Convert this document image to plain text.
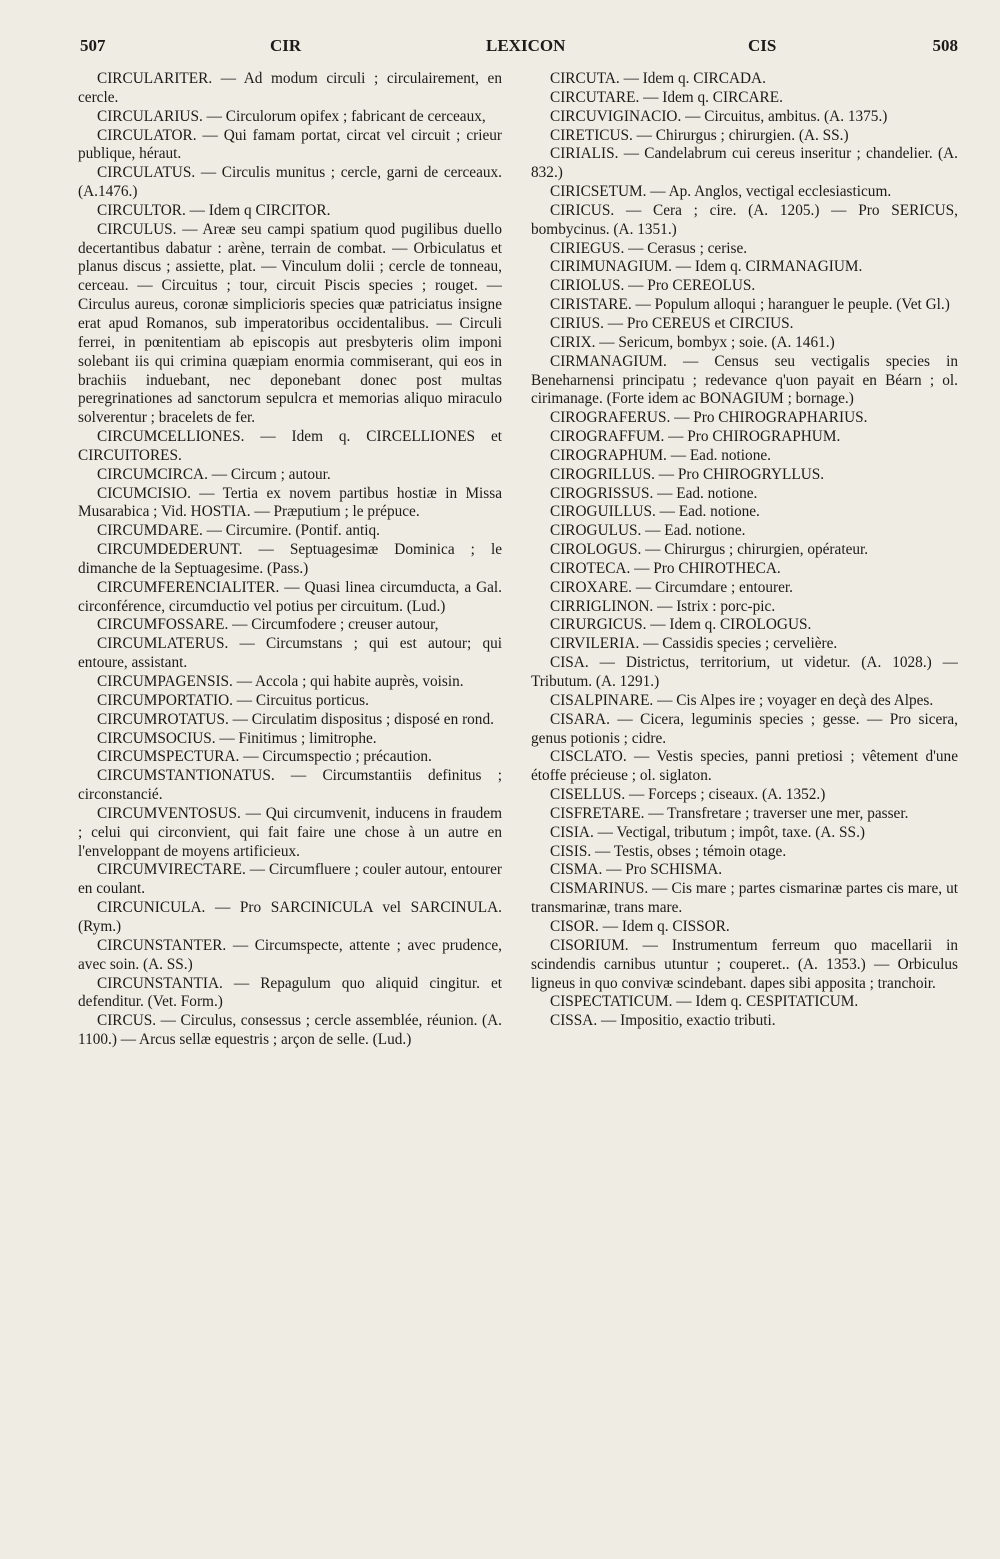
507	CIR	LEXICON	CIS	508

CIRCULARITER. — Ad modum circuli ; circulairement, en cercle.

CIRCULARIUS. — Circulorum opifex ; fabricant de cerceaux,

CIRCULATOR. — Qui famam portat, circat vel circuit ; crieur publique, héraut.

CIRCULATUS. — Circulis munitus ; cercle, garni de cerceaux. (A.1476.)

CIRCULTOR. — Idem q CIRCITOR.

CIRCULUS. — Areæ seu campi spatium quod pugilibus duello decertantibus dabatur : arène, terrain de combat. — Orbiculatus et planus discus ; assiette, plat. — Vinculum dolii ; cercle de tonneau, cerceau. — Circuitus ; tour, circuit Piscis species ; rouget. — Circulus aureus, coronæ simplicioris species quæ patriciatus insigne erat apud Romanos, sub imperatoribus occidentalibus. — Circuli ferrei, in pœnitentiam ab episcopis aut presbyteris olim imponi solebant iis qui crimina quæpiam enormia commiserant, qui eos in brachiis induebant, nec deponebant donec post multas peregrinationes ad sanctorum sepulcra et memorias aliquo miraculo solverentur ; bracelets de fer.

CIRCUMCELLIONES. — Idem q. CIRCELLIONES et CIRCUITORES.

CIRCUMCIRCA. — Circum ; autour.

CICUMCISIO. — Tertia ex novem partibus hostiæ in Missa Musarabica ; Vid. HOSTIA. — Præputium ; le prépuce.

CIRCUMDARE. — Circumire. (Pontif. antiq.

CIRCUMDEDERUNT. — Septuagesimæ Dominica ; le dimanche de la Septuagesime. (Pass.)

CIRCUMFERENCIALITER. — Quasi linea circumducta, a Gal. circonférence, circumductio vel potius per circuitum. (Lud.)

CIRCUMFOSSARE. — Circumfodere ; creuser autour,

CIRCUMLATERUS. — Circumstans ; qui est autour; qui entoure, assistant.

CIRCUMPAGENSIS. — Accola ; qui habite auprès, voisin.

CIRCUMPORTATIO. — Circuitus porticus.

CIRCUMROTATUS. — Circulatim dispositus ; disposé en rond.

CIRCUMSOCIUS. — Finitimus ; limitrophe.

CIRCUMSPECTURA. — Circumspectio ; précaution.

CIRCUMSTANTIONATUS. — Circumstantiis definitus ; circonstancié.

CIRCUMVENTOSUS. — Qui circumvenit, inducens in fraudem ; celui qui circonvient, qui fait faire une chose à un autre en l'enveloppant de moyens artificieux.

CIRCUMVIRECTARE. — Circumfluere ; couler autour, entourer en coulant.

CIRCUNICULA. — Pro SARCINICULA vel SARCINULA. (Rym.)

CIRCUNSTANTER. — Circumspecte, attente ; avec prudence, avec soin. (A. SS.)

CIRCUNSTANTIA. — Repagulum quo aliquid cingitur. et defenditur. (Vet. Form.)

CIRCUS. — Circulus, consessus ; cercle assemblée, réunion. (A. 1100.) — Arcus sellæ equestris ; arçon de selle. (Lud.)

CIRCUTA. — Idem q. CIRCADA.

CIRCUTARE. — Idem q. CIRCARE.

CIRCUVIGINACIO. — Circuitus, ambitus. (A. 1375.)

CIRETICUS. — Chirurgus ; chirurgien. (A. SS.)

CIRIALIS. — Candelabrum cui cereus inseritur ; chandelier. (A. 832.)

CIRICSETUM. — Ap. Anglos, vectigal ecclesiasticum.

CIRICUS. — Cera ; cire. (A. 1205.) — Pro SERICUS, bombycinus. (A. 1351.)

CIRIEGUS. — Cerasus ; cerise.

CIRIMUNAGIUM. — Idem q. CIRMANAGIUM.

CIRIOLUS. — Pro CEREOLUS.

CIRISTARE. — Populum alloqui ; haranguer le peuple. (Vet Gl.)

CIRIUS. — Pro CEREUS et CIRCIUS.

CIRIX. — Sericum, bombyx ; soie. (A. 1461.)

CIRMANAGIUM. — Census seu vectigalis species in Beneharnensi principatu ; redevance q'uon payait en Béarn ; ol. cirimanage. (Forte idem ac BONAGIUM ; bornage.)

CIROGRAFERUS. — Pro CHIROGRAPHARIUS.

CIROGRAFFUM. — Pro CHIROGRAPHUM.

CIROGRAPHUM. — Ead. notione.

CIROGRILLUS. — Pro CHIROGRYLLUS.

CIROGRISSUS. — Ead. notione.

CIROGUILLUS. — Ead. notione.

CIROGULUS. — Ead. notione.

CIROLOGUS. — Chirurgus ; chirurgien, opérateur.

CIROTECA. — Pro CHIROTHECA.

CIROXARE. — Circumdare ; entourer.

CIRRIGLINON. — Istrix : porc-pic.

CIRURGICUS. — Idem q. CIROLOGUS.

CIRVILERIA. — Cassidis species ; cervelière.

CISA. — Districtus, territorium, ut videtur. (A. 1028.) — Tributum. (A. 1291.)

CISALPINARE. — Cis Alpes ire ; voyager en deçà des Alpes.

CISARA. — Cicera, leguminis species ; gesse. — Pro sicera, genus potionis ; cidre.

CISCLATO. — Vestis species, panni pretiosi ; vêtement d'une étoffe précieuse ; ol. siglaton.

CISELLUS. — Forceps ; ciseaux. (A. 1352.)

CISFRETARE. — Transfretare ; traverser une mer, passer.

CISIA. — Vectigal, tributum ; impôt, taxe. (A. SS.)

CISIS. — Testis, obses ; témoin otage.

CISMA. — Pro SCHISMA.

CISMARINUS. — Cis mare ; partes cismarinæ partes cis mare, ut transmarinæ, trans mare.

CISOR. — Idem q. CISSOR.

CISORIUM. — Instrumentum ferreum quo macellarii in scindendis carnibus utuntur ; couperet.. (A. 1353.) — Orbiculus ligneus in quo convivæ scindebant. dapes sibi apposita ; tranchoir.

CISPECTATICUM. — Idem q. CESPITATICUM.

CISSA. — Impositio, exactio tributi.
